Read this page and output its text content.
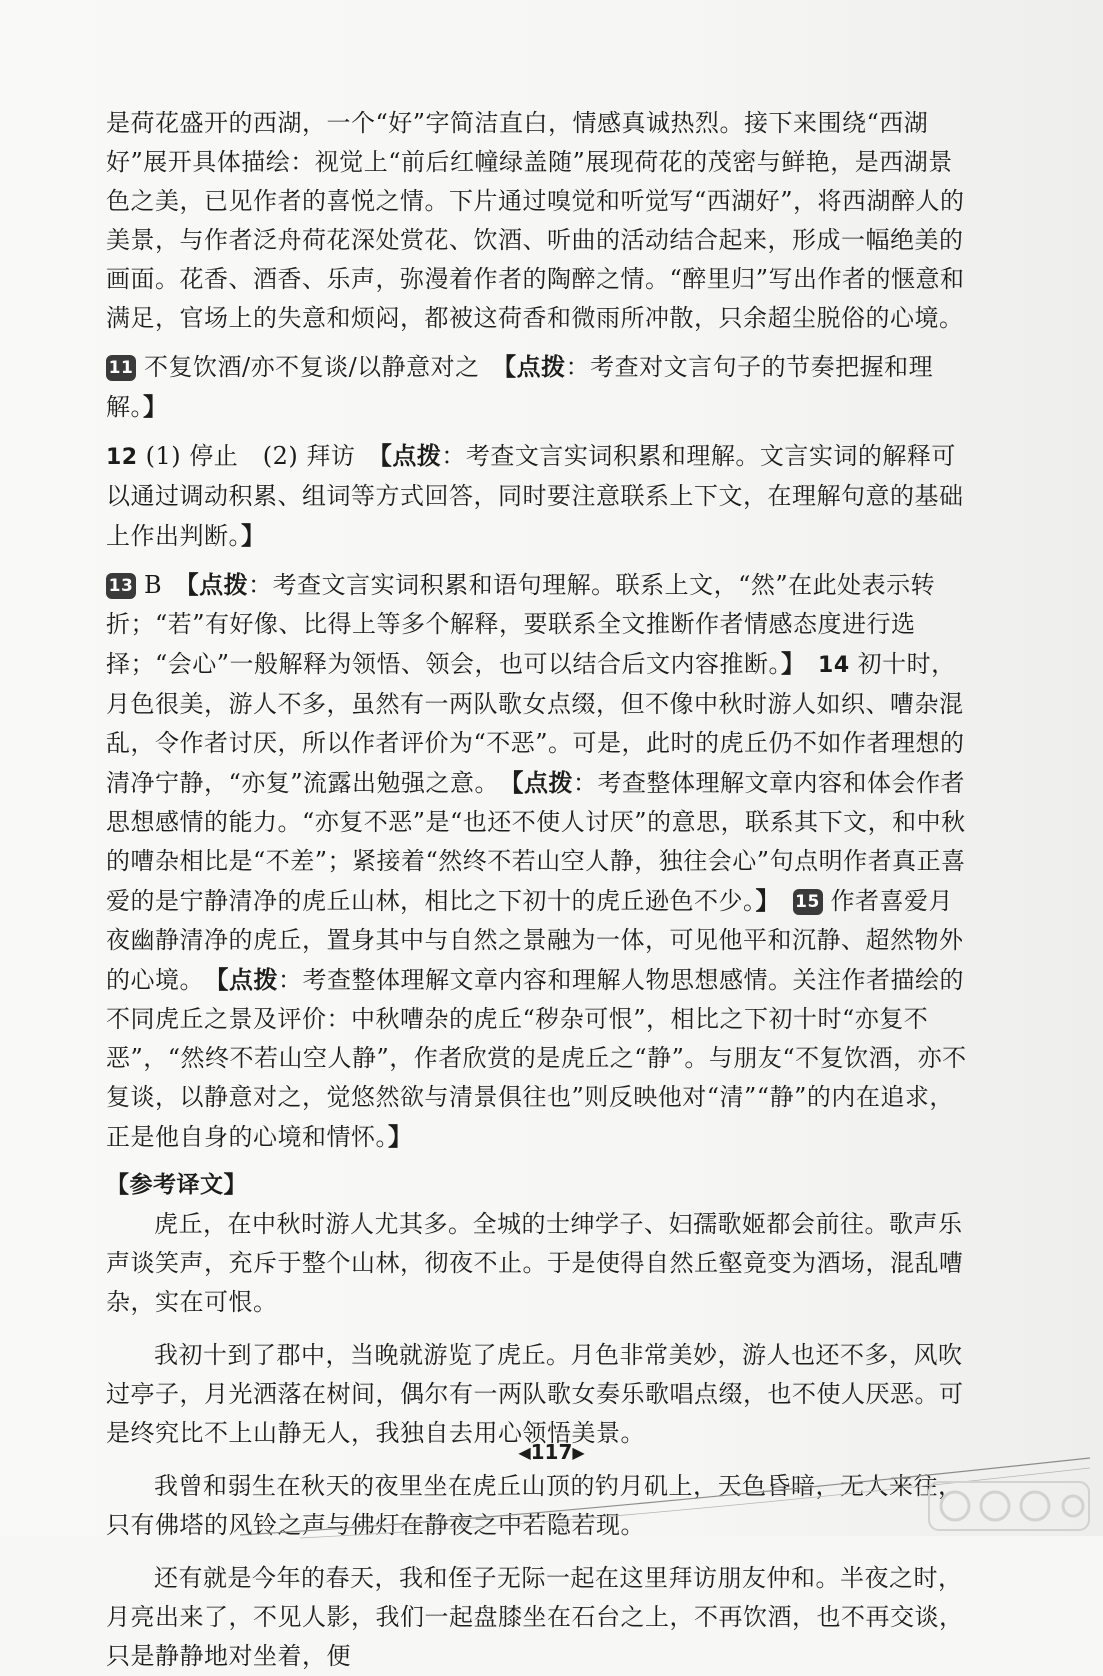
是荷花盛开的西湖，一个“好”字简洁直白，情感真诚热烈。接下来围绕“西湖好”展开具体描绘：视觉上“前后红幢绿盖随”展现荷花的茂密与鲜艳，是西湖景色之美，已见作者的喜悦之情。下片通过嗅觉和听觉写“西湖好”，将西湖醉人的美景，与作者泛舟荷花深处赏花、饮酒、听曲的活动结合起来，形成一幅绝美的画面。花香、酒香、乐声，弥漫着作者的陶醉之情。“醉里归”写出作者的惬意和满足，官场上的失意和烦闷，都被这荷香和微雨所冲散，只余超尘脱俗的心境。

11 不复饮酒/亦不复谈/以静意对之　 【点拨：考查对文言句子的节奏把握和理解。】

12 (1) 停止　(2) 拜访　 【点拨：考查文言实词积累和理解。文言实词的解释可以通过调动积累、组词等方式回答，同时要注意联系上下文，在理解句意的基础上作出判断。】

13 B　 【点拨：考查文言实词积累和语句理解。联系上文，“然”在此处表示转折；“若”有好像、比得上等多个解释，要联系全文推断作者情感态度进行选择；“会心”一般解释为领悟、领会，也可以结合后文内容推断。】　 14 初十时，月色很美，游人不多，虽然有一两队歌女点缀，但不像中秋时游人如织、嘈杂混乱，令作者讨厌，所以作者评价为“不恶”。可是，此时的虎丘仍不如作者理想的清净宁静，“亦复”流露出勉强之意。　 【点拨：考查整体理解文章内容和体会作者思想感情的能力。“亦复不恶”是“也还不使人讨厌”的意思，联系其下文，和中秋的嘈杂相比是“不差”；紧接着“然终不若山空人静，独往会心”句点明作者真正喜爱的是宁静清净的虎丘山林，相比之下初十的虎丘逊色不少。】　 15 作者喜爱月夜幽静清净的虎丘，置身其中与自然之景融为一体，可见他平和沉静、超然物外的心境。　 【点拨：考查整体理解文章内容和理解人物思想感情。关注作者描绘的不同虎丘之景及评价：中秋嘈杂的虎丘“秽杂可恨”，相比之下初十时“亦复不恶”，“然终不若山空人静”，作者欣赏的是虎丘之“静”。与朋友“不复饮酒，亦不复谈，以静意对之，觉悠然欲与清景俱往也”则反映他对“清”“静”的内在追求，正是他自身的心境和情怀。】

【参考译文】

虎丘，在中秋时游人尤其多。全城的士绅学子、妇孺歌姬都会前往。歌声乐声谈笑声，充斥于整个山林，彻夜不止。于是使得自然丘壑竟变为酒场，混乱嘈杂，实在可恨。

我初十到了郡中，当晚就游览了虎丘。月色非常美妙，游人也还不多，风吹过亭子，月光洒落在树间，偶尔有一两队歌女奏乐歌唱点缀，也不使人厌恶。可是终究比不上山静无人，我独自去用心领悟美景。

我曾和弱生在秋天的夜里坐在虎丘山顶的钓月矶上，天色昏暗，无人来往，只有佛塔的风铃之声与佛灯在静夜之中若隐若现。

还有就是今年的春天，我和侄子无际一起在这里拜访朋友仲和。半夜之时，月亮出来了，不见人影，我们一起盘膝坐在石台之上，不再饮酒，也不再交谈，只是静静地对坐着，便

◀117▶
